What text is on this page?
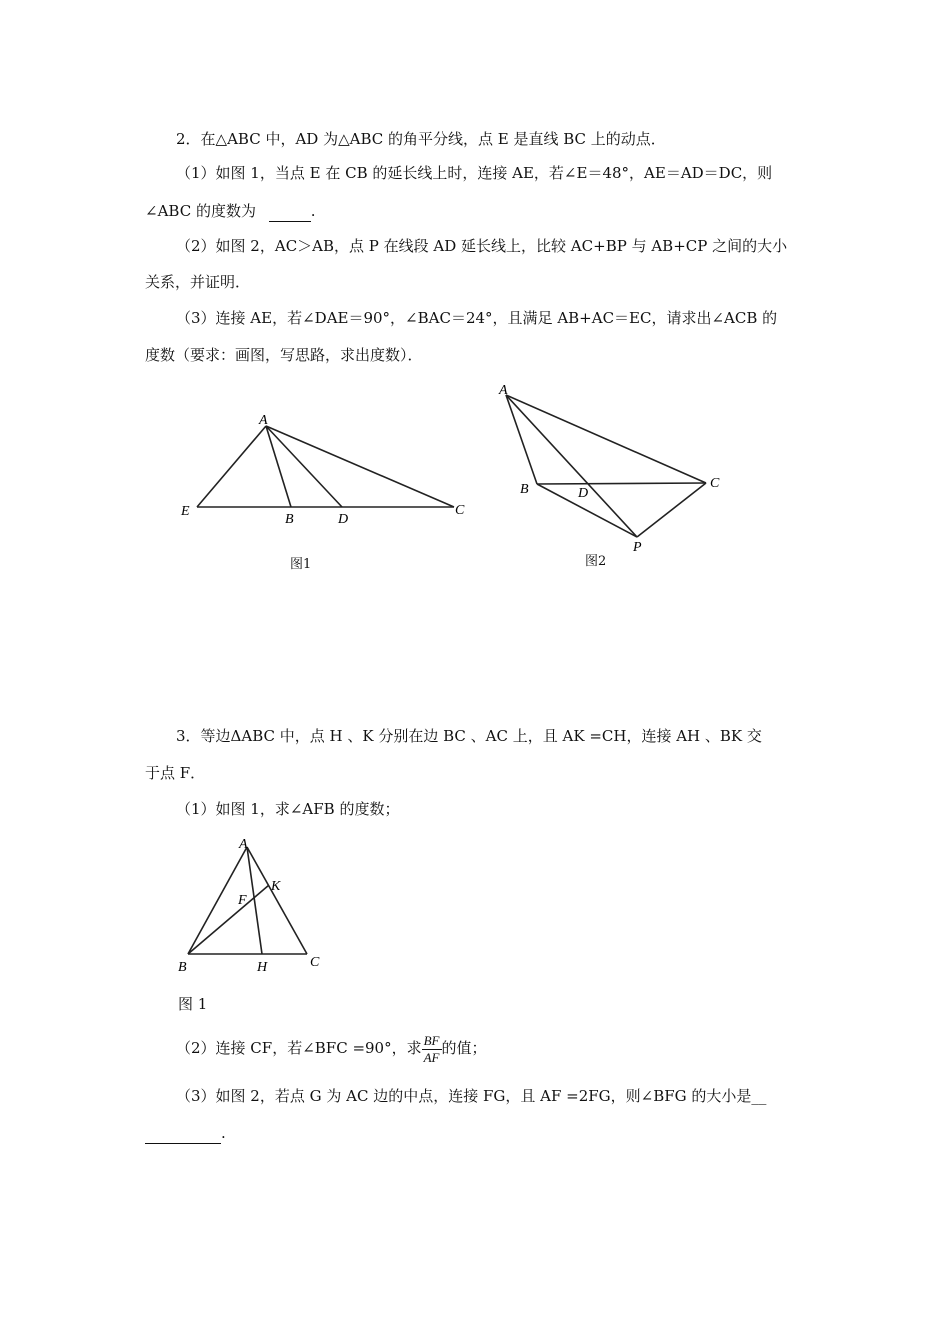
2．在△ABC 中，AD 为△ABC 的角平分线，点 E 是直线 BC 上的动点．
（1）如图 1，当点 E 在 CB 的延长线上时，连接 AE，若∠E＝48°，AE＝AD＝DC，则
∠ABC 的度数为	.
（2）如图 2，AC＞AB，点 P 在线段 AD 延长线上，比较 AC+BP 与 AB+CP 之间的大小
关系，并证明．
（3）连接 AE，若∠DAE＝90°，∠BAC＝24°，且满足 AB+AC＝EC，请求出∠ACB 的
度数（要求：画图，写思路，求出度数）．
A
E
B	D
C
图1
A
B	D
C
P
图2
3．等边ΔABC 中，点 H 、K 分别在边 BC 、AC 上，且 AK =CH，连接 AH 、BK 交
于点 F．
（1）如图 1，求∠AFB 的度数；
A
K
F
B	H	C
图 1
（2）连接 CF，若∠BFC =90°，求 $\frac{BF}{AF}$ 的值；
（3）如图 2，若点 G 为 AC 边的中点，连接 FG，且 AF =2FG，则∠BFG 的大小是__
.
